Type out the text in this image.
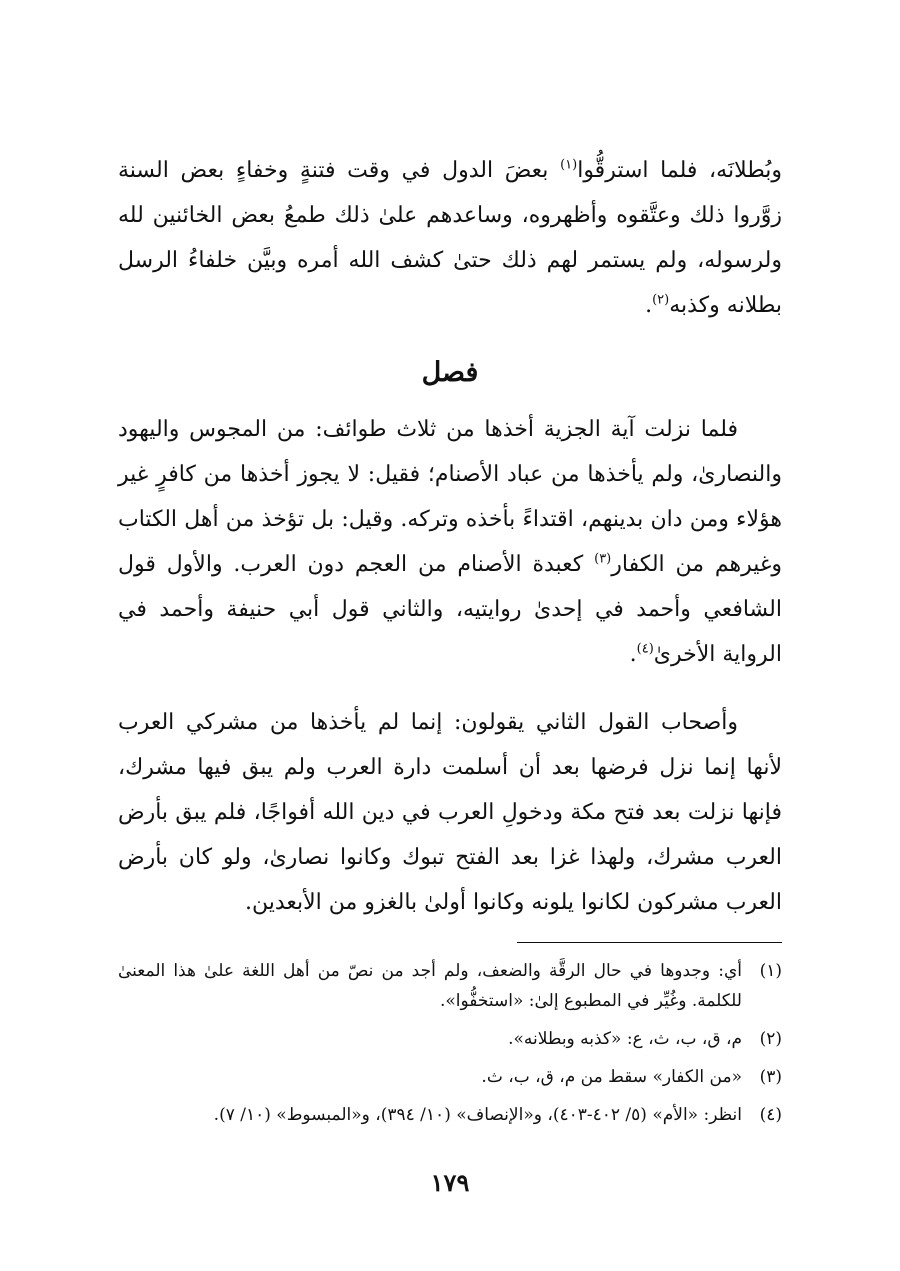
وبُطلانَه، فلما استرقُّوا$^{(١)}$ بعضَ الدول في وقت فتنةٍ وخفاءٍ بعض السنة زوَّروا ذلك وعتَّقوه وأظهروه، وساعدهم علىٰ ذلك طمعُ بعض الخائنين لله ولرسوله، ولم يستمر لهم ذلك حتىٰ كشف الله أمره وبيَّن خلفاءُ الرسل بطلانه وكذبه$^{(٢)}$.

فصل

فلما نزلت آية الجزية أخذها من ثلاث طوائف: من المجوس واليهود والنصارىٰ، ولم يأخذها من عباد الأصنام؛ فقيل: لا يجوز أخذها من كافرٍ غير هؤلاء ومن دان بدينهم، اقتداءً بأخذه وتركه. وقيل: بل تؤخذ من أهل الكتاب وغيرهم من الكفار$^{(٣)}$ كعبدة الأصنام من العجم دون العرب. والأول قول الشافعي وأحمد في إحدىٰ روايتيه، والثاني قول أبي حنيفة وأحمد في الرواية الأخرىٰ$^{(٤)}$.

وأصحاب القول الثاني يقولون: إنما لم يأخذها من مشركي العرب لأنها إنما نزل فرضها بعد أن أسلمت دارة العرب ولم يبق فيها مشرك، فإنها نزلت بعد فتح مكة ودخولِ العرب في دين الله أفواجًا، فلم يبق بأرض العرب مشرك، ولهذا غزا بعد الفتح تبوك وكانوا نصارىٰ، ولو كان بأرض العرب مشركون لكانوا يلونه وكانوا أولىٰ بالغزو من الأبعدين.

(١)
أي: وجدوها في حال الرقَّة والضعف، ولم أجد من نصّ من أهل اللغة علىٰ هذا المعنىٰ للكلمة. وغُيِّر في المطبوع إلىٰ: «استخفُّوا».
(٢)
م، ق، ب، ث، ع: «كذبه وبطلانه».
(٣)
«من الكفار» سقط من م، ق، ب، ث.
(٤)
انظر: «الأم» (٥/ ٤٠٢-٤٠٣)، و«الإنصاف» (١٠/ ٣٩٤)، و«المبسوط» (١٠/ ٧).
١٧٩
